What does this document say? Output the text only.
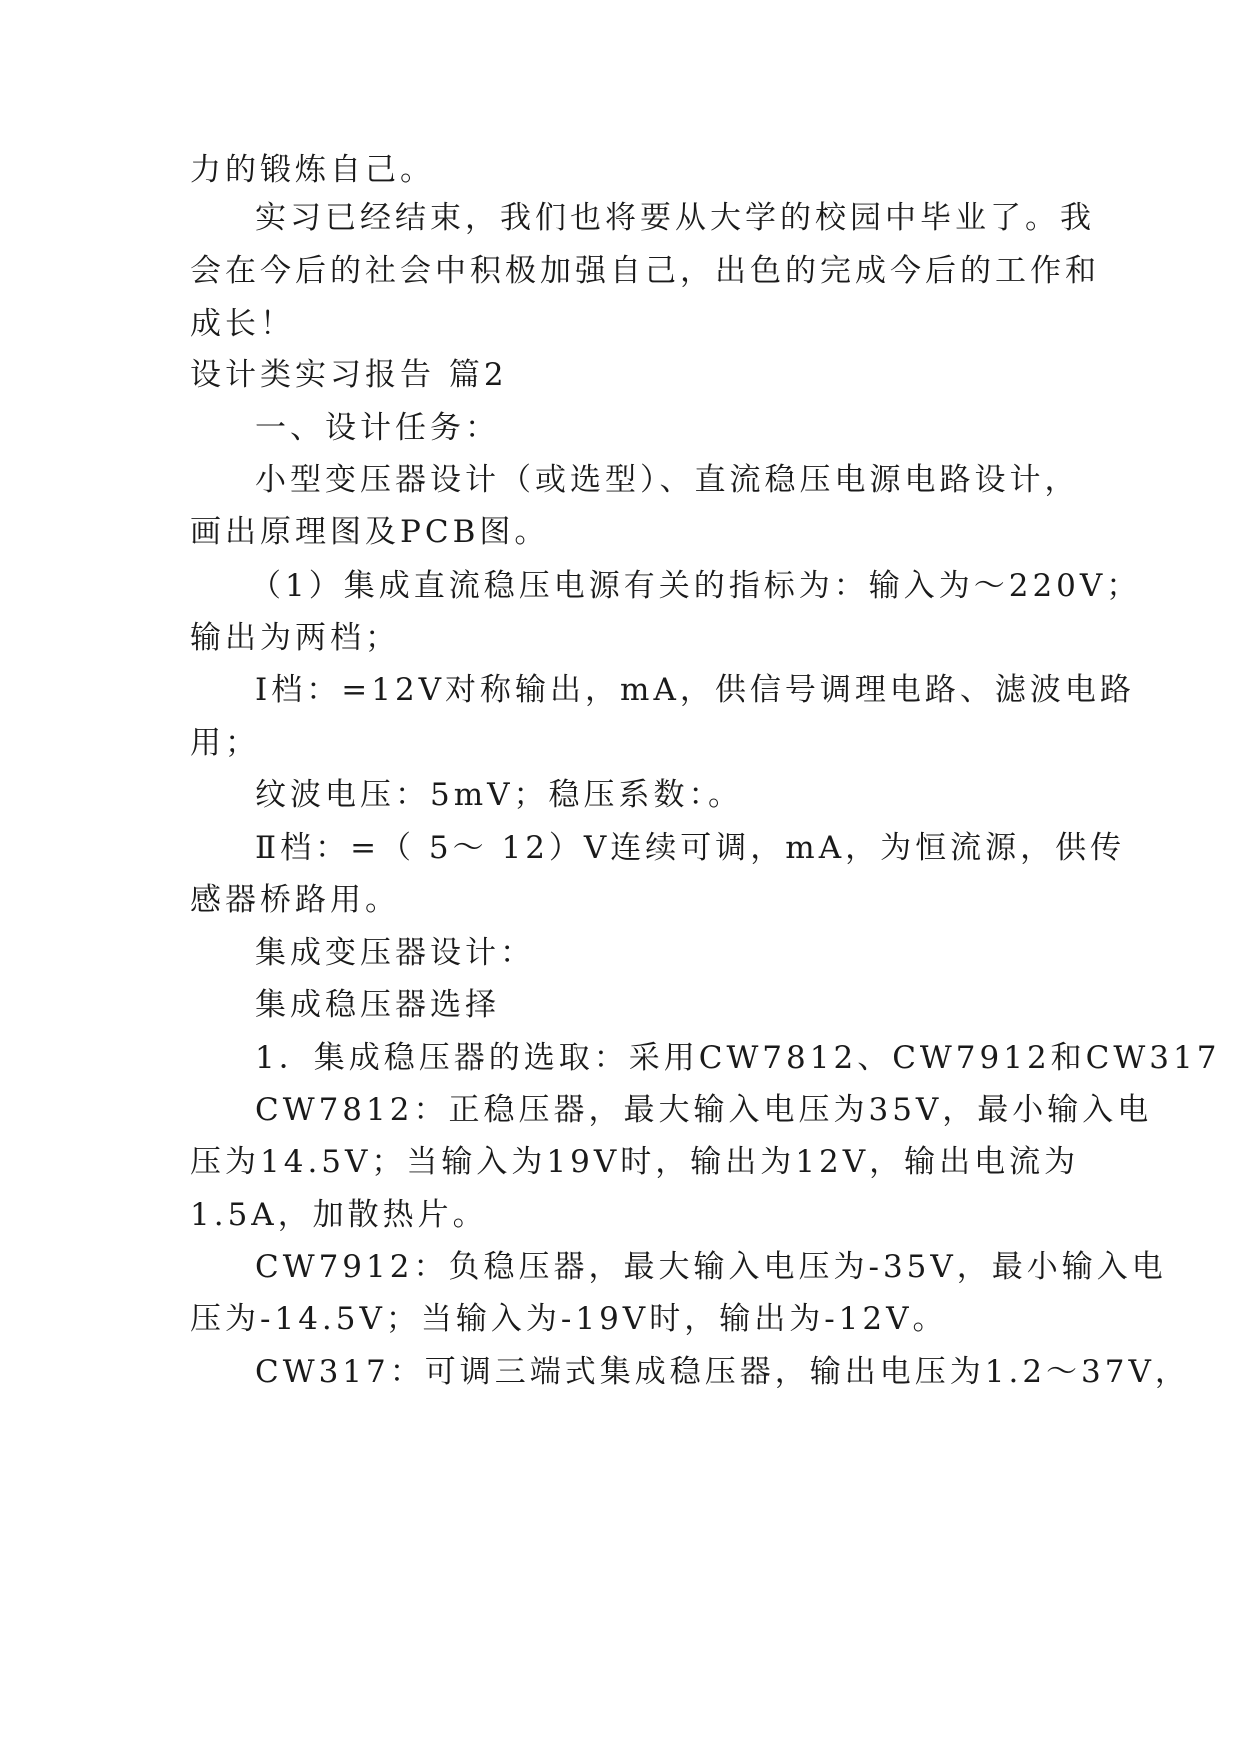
力的锻炼自己。
实习已经结束，我们也将要从大学的校园中毕业了。我
会在今后的社会中积极加强自己，出色的完成今后的工作和
成长！
设计类实习报告 篇2
一、设计任务：
小型变压器设计（或选型）、直流稳压电源电路设计，
画出原理图及PCB图。
（1）集成直流稳压电源有关的指标为：输入为～220V；
输出为两档；
Ⅰ档：=12V对称输出，mA，供信号调理电路、滤波电路
用；
纹波电压：5mV；稳压系数：。
Ⅱ档：=（ 5～ 12）V连续可调，mA，为恒流源，供传
感器桥路用。
集成变压器设计：
集成稳压器选择
1．集成稳压器的选取：采用CW7812、CW7912和CW317
CW7812：正稳压器，最大输入电压为35V，最小输入电
压为14.5V；当输入为19V时，输出为12V，输出电流为
1.5A，加散热片。
CW7912：负稳压器，最大输入电压为-35V，最小输入电
压为-14.5V；当输入为-19V时，输出为-12V。
CW317：可调三端式集成稳压器，输出电压为1.2～37V，
